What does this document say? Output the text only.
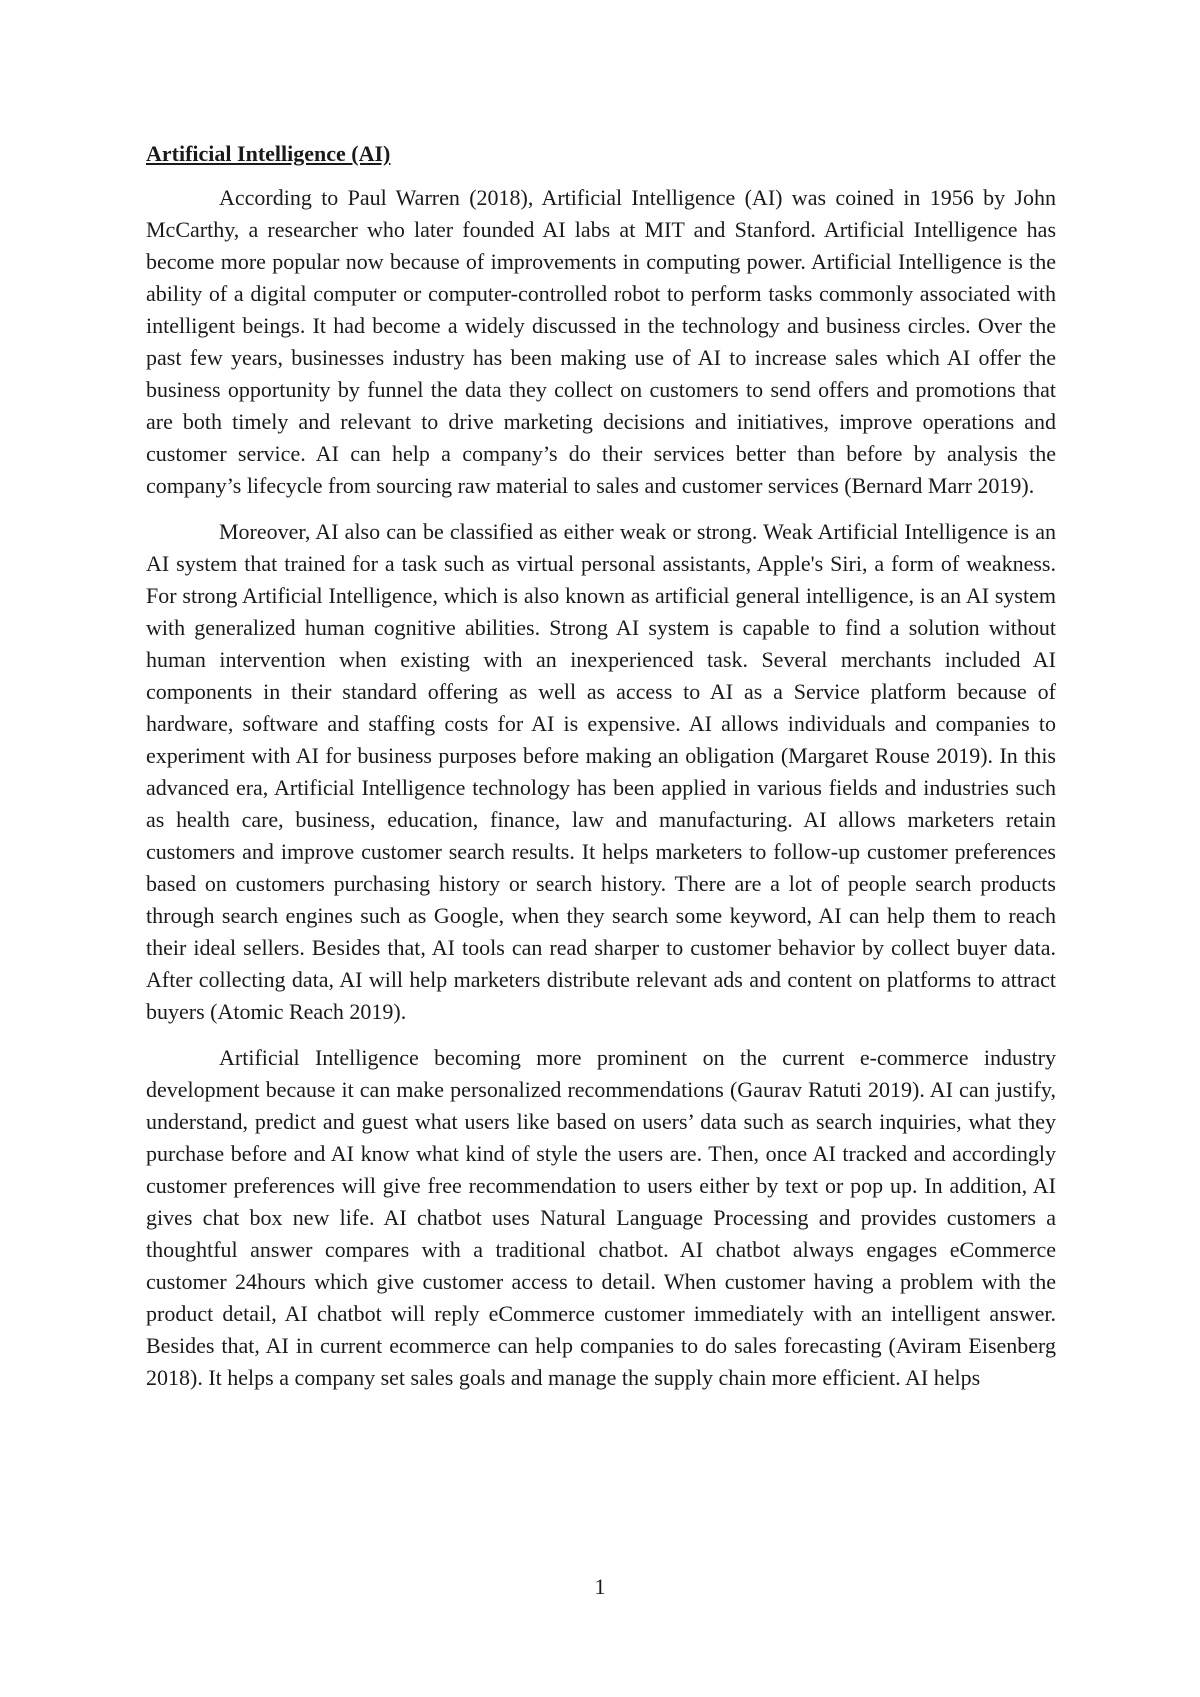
Artificial Intelligence (AI)

According to Paul Warren (2018), Artificial Intelligence (AI) was coined in 1956 by John McCarthy, a researcher who later founded AI labs at MIT and Stanford. Artificial Intelligence has become more popular now because of improvements in computing power. Artificial Intelligence is the ability of a digital computer or computer-controlled robot to perform tasks commonly associated with intelligent beings. It had become a widely discussed in the technology and business circles. Over the past few years, businesses industry has been making use of AI to increase sales which AI offer the business opportunity by funnel the data they collect on customers to send offers and promotions that are both timely and relevant to drive marketing decisions and initiatives, improve operations and customer service. AI can help a company’s do their services better than before by analysis the company’s lifecycle from sourcing raw material to sales and customer services (Bernard Marr 2019).

Moreover, AI also can be classified as either weak or strong. Weak Artificial Intelligence is an AI system that trained for a task such as virtual personal assistants, Apple's Siri, a form of weakness. For strong Artificial Intelligence, which is also known as artificial general intelligence, is an AI system with generalized human cognitive abilities. Strong AI system is capable to find a solution without human intervention when existing with an inexperienced task. Several merchants included AI components in their standard offering as well as access to AI as a Service platform because of hardware, software and staffing costs for AI is expensive. AI allows individuals and companies to experiment with AI for business purposes before making an obligation (Margaret Rouse 2019). In this advanced era, Artificial Intelligence technology has been applied in various fields and industries such as health care, business, education, finance, law and manufacturing. AI allows marketers retain customers and improve customer search results. It helps marketers to follow-up customer preferences based on customers purchasing history or search history. There are a lot of people search products through search engines such as Google, when they search some keyword, AI can help them to reach their ideal sellers. Besides that, AI tools can read sharper to customer behavior by collect buyer data. After collecting data, AI will help marketers distribute relevant ads and content on platforms to attract buyers (Atomic Reach 2019).

Artificial Intelligence becoming more prominent on the current e-commerce industry development because it can make personalized recommendations (Gaurav Ratuti 2019). AI can justify, understand, predict and guest what users like based on users’ data such as search inquiries, what they purchase before and AI know what kind of style the users are. Then, once AI tracked and accordingly customer preferences will give free recommendation to users either by text or pop up. In addition, AI gives chat box new life. AI chatbot uses Natural Language Processing and provides customers a thoughtful answer compares with a traditional chatbot. AI chatbot always engages eCommerce customer 24hours which give customer access to detail. When customer having a problem with the product detail, AI chatbot will reply eCommerce customer immediately with an intelligent answer. Besides that, AI in current ecommerce can help companies to do sales forecasting (Aviram Eisenberg 2018). It helps a company set sales goals and manage the supply chain more efficient. AI helps

1
